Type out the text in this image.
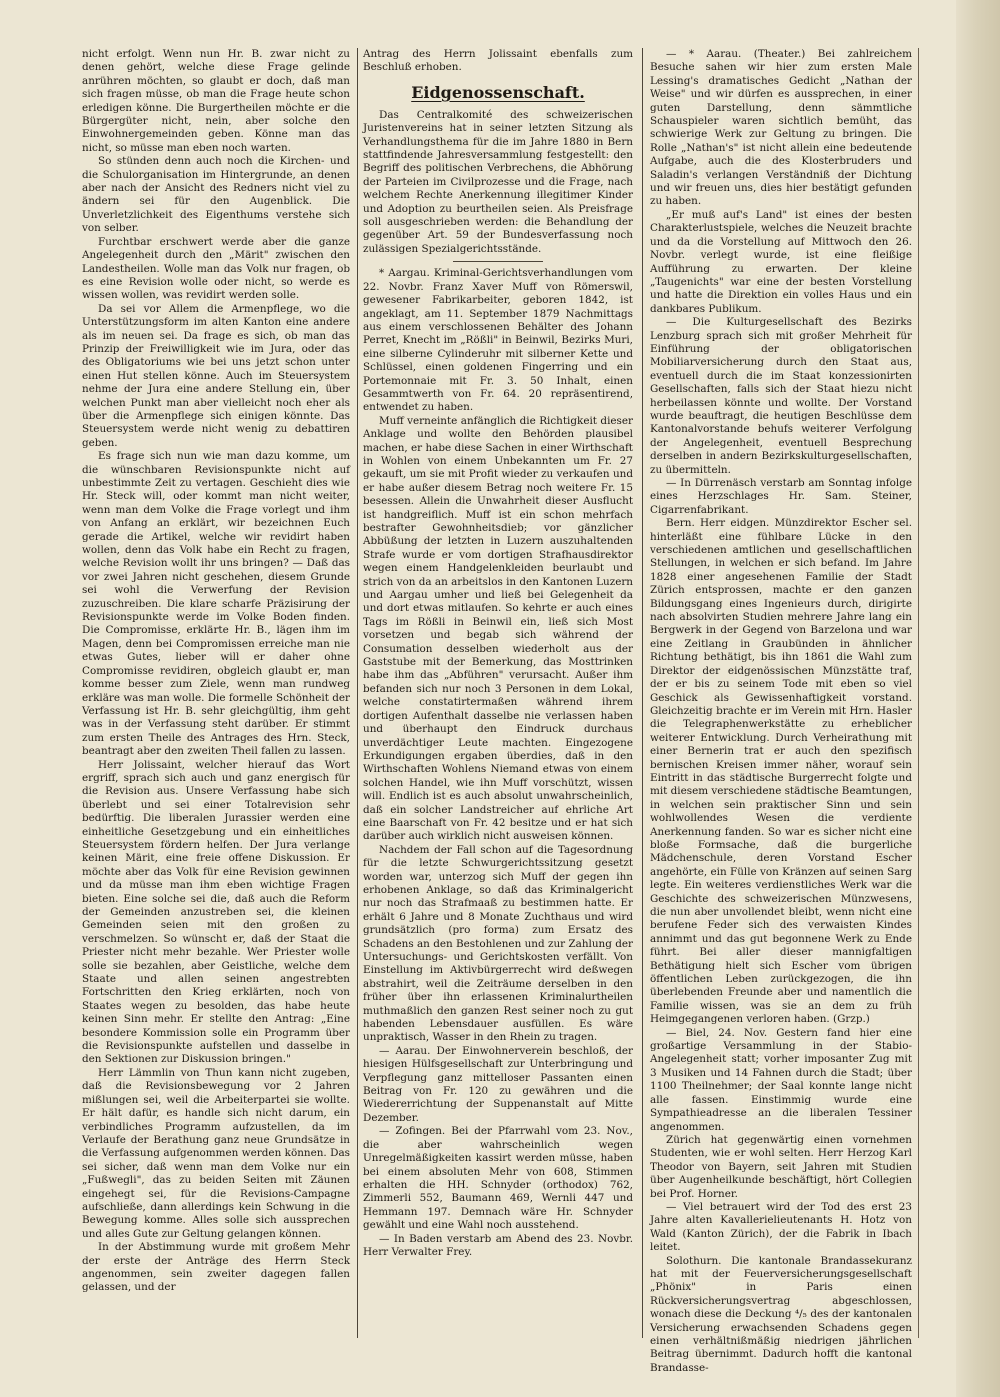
nicht erfolgt. Wenn nun Hr. B. zwar nicht zu denen gehört, welche diese Frage gelinde anrühren möchten, so glaubt er doch, daß man sich fragen müsse, ob man die Frage heute schon erledigen könne. Die Burgertheilen möchte er die Bürgergüter nicht, nein, aber solche den Einwohnergemeinden geben. Könne man das nicht, so müsse man eben noch warten.

So stünden denn auch noch die Kirchen- und die Schulorganisation im Hintergrunde, an denen aber nach der Ansicht des Redners nicht viel zu ändern sei für den Augenblick. Die Unverletzlichkeit des Eigenthums verstehe sich von selber.

Furchtbar erschwert werde aber die ganze Angelegenheit durch den „Märit" zwischen den Landestheilen. Wolle man das Volk nur fragen, ob es eine Revision wolle oder nicht, so werde es wissen wollen, was revidirt werden solle.

Da sei vor Allem die Armenpflege, wo die Unterstützungsform im alten Kanton eine andere als im neuen sei. Da frage es sich, ob man das Prinzip der Freiwilligkeit wie im Jura, oder das des Obligatoriums wie bei uns jetzt schon unter einen Hut stellen könne. Auch im Steuersystem nehme der Jura eine andere Stellung ein, über welchen Punkt man aber vielleicht noch eher als über die Armenpflege sich einigen könnte. Das Steuersystem werde nicht wenig zu debattiren geben.

Es frage sich nun wie man dazu komme, um die wünschbaren Revisionspunkte nicht auf unbestimmte Zeit zu vertagen. Geschieht dies wie Hr. Steck will, oder kommt man nicht weiter, wenn man dem Volke die Frage vorlegt und ihm von Anfang an erklärt, wir bezeichnen Euch gerade die Artikel, welche wir revidirt haben wollen, denn das Volk habe ein Recht zu fragen, welche Revision wollt ihr uns bringen? — Daß das vor zwei Jahren nicht geschehen, diesem Grunde sei wohl die Verwerfung der Revision zuzuschreiben. Die klare scharfe Präzisirung der Revisionspunkte werde im Volke Boden finden. Die Compromisse, erklärte Hr. B., lägen ihm im Magen, denn bei Compromissen erreiche man nie etwas Gutes, lieber will er daher ohne Compromisse revidiren, obgleich glaubt er, man komme besser zum Ziele, wenn man rundweg erkläre was man wolle. Die formelle Schönheit der Verfassung ist Hr. B. sehr gleichgültig, ihm geht was in der Verfassung steht darüber. Er stimmt zum ersten Theile des Antrages des Hrn. Steck, beantragt aber den zweiten Theil fallen zu lassen.

Herr Jolissaint, welcher hierauf das Wort ergriff, sprach sich auch und ganz energisch für die Revision aus. Unsere Verfassung habe sich überlebt und sei einer Totalrevision sehr bedürftig. Die liberalen Jurassier werden eine einheitliche Gesetzgebung und ein einheitliches Steuersystem fördern helfen. Der Jura verlange keinen Märit, eine freie offene Diskussion. Er möchte aber das Volk für eine Revision gewinnen und da müsse man ihm eben wichtige Fragen bieten. Eine solche sei die, daß auch die Reform der Gemeinden anzustreben sei, die kleinen Gemeinden seien mit den großen zu verschmelzen. So wünscht er, daß der Staat die Priester nicht mehr bezahle. Wer Priester wolle solle sie bezahlen, aber Geistliche, welche dem Staate und allen seinen angestrebten Fortschritten den Krieg erklärten, noch von Staates wegen zu besolden, das habe heute keinen Sinn mehr. Er stellte den Antrag: „Eine besondere Kommission solle ein Programm über die Revisionspunkte aufstellen und dasselbe in den Sektionen zur Diskussion bringen."

Herr Lämmlin von Thun kann nicht zugeben, daß die Revisionsbewegung vor 2 Jahren mißlungen sei, weil die Arbeiterpartei sie wollte. Er hält dafür, es handle sich nicht darum, ein verbindliches Programm aufzustellen, da im Verlaufe der Berathung ganz neue Grundsätze in die Verfassung aufgenommen werden können. Das sei sicher, daß wenn man dem Volke nur ein „Fußwegli", das zu beiden Seiten mit Zäunen eingehegt sei, für die Revisions-Campagne aufschließe, dann allerdings kein Schwung in die Bewegung komme. Alles solle sich aussprechen und alles Gute zur Geltung gelangen können.

In der Abstimmung wurde mit großem Mehr der erste der Anträge des Herrn Steck angenommen, sein zweiter dagegen fallen gelassen, und der

Antrag des Herrn Jolissaint ebenfalls zum Beschluß erhoben.

Eidgenossenschaft.

Das Centralkomité des schweizerischen Juristenvereins hat in seiner letzten Sitzung als Verhandlungsthema für die im Jahre 1880 in Bern stattfindende Jahresversammlung festgestellt: den Begriff des politischen Verbrechens, die Abhörung der Parteien im Civilprozesse und die Frage, nach welchem Rechte Anerkennung illegitimer Kinder und Adoption zu beurtheilen seien. Als Preisfrage soll ausgeschrieben werden: die Behandlung der gegenüber Art. 59 der Bundesverfassung noch zulässigen Spezialgerichtsstände.

* Aargau. Kriminal-Gerichtsverhandlungen vom 22. Novbr. Franz Xaver Muff von Römerswil, gewesener Fabrikarbeiter, geboren 1842, ist angeklagt, am 11. September 1879 Nachmittags aus einem verschlossenen Behälter des Johann Perret, Knecht im „Rößli" in Beinwil, Bezirks Muri, eine silberne Cylinderuhr mit silberner Kette und Schlüssel, einen goldenen Fingerring und ein Portemonnaie mit Fr. 3. 50 Inhalt, einen Gesammtwerth von Fr. 64. 20 repräsentirend, entwendet zu haben.

Muff verneinte anfänglich die Richtigkeit dieser Anklage und wollte den Behörden plausibel machen, er habe diese Sachen in einer Wirthschaft in Wohlen von einem Unbekannten um Fr. 27 gekauft, um sie mit Profit wieder zu verkaufen und er habe außer diesem Betrag noch weitere Fr. 15 besessen. Allein die Unwahrheit dieser Ausflucht ist handgreiflich. Muff ist ein schon mehrfach bestrafter Gewohnheitsdieb; vor gänzlicher Abbüßung der letzten in Luzern auszuhaltenden Strafe wurde er vom dortigen Strafhausdirektor wegen einem Handgelenkleiden beurlaubt und strich von da an arbeitslos in den Kantonen Luzern und Aargau umher und ließ bei Gelegenheit da und dort etwas mitlaufen. So kehrte er auch eines Tags im Rößli in Beinwil ein, ließ sich Most vorsetzen und begab sich während der Consumation desselben wiederholt aus der Gaststube mit der Bemerkung, das Mosttrinken habe ihm das „Abführen" verursacht. Außer ihm befanden sich nur noch 3 Personen in dem Lokal, welche constatirtermaßen während ihrem dortigen Aufenthalt dasselbe nie verlassen haben und überhaupt den Eindruck durchaus unverdächtiger Leute machten. Eingezogene Erkundigungen ergaben überdies, daß in den Wirthschaften Wohlens Niemand etwas von einem solchen Handel, wie ihn Muff vorschützt, wissen will. Endlich ist es auch absolut unwahrscheinlich, daß ein solcher Landstreicher auf ehrliche Art eine Baarschaft von Fr. 42 besitze und er hat sich darüber auch wirklich nicht ausweisen können.

Nachdem der Fall schon auf die Tagesordnung für die letzte Schwurgerichtssitzung gesetzt worden war, unterzog sich Muff der gegen ihn erhobenen Anklage, so daß das Kriminalgericht nur noch das Strafmaaß zu bestimmen hatte. Er erhält 6 Jahre und 8 Monate Zuchthaus und wird grundsätzlich (pro forma) zum Ersatz des Schadens an den Bestohlenen und zur Zahlung der Untersuchungs- und Gerichtskosten verfällt. Von Einstellung im Aktivbürgerrecht wird deßwegen abstrahirt, weil die Zeiträume derselben in den früher über ihn erlassenen Kriminalurtheilen muthmaßlich den ganzen Rest seiner noch zu gut habenden Lebensdauer ausfüllen. Es wäre unpraktisch, Wasser in den Rhein zu tragen.

— Aarau. Der Einwohnerverein beschloß, der hiesigen Hülfsgesellschaft zur Unterbringung und Verpflegung ganz mittelloser Passanten einen Beitrag von Fr. 120 zu gewähren und die Wiedererrichtung der Suppenanstalt auf Mitte Dezember.

— Zofingen. Bei der Pfarrwahl vom 23. Nov., die aber wahrscheinlich wegen Unregelmäßigkeiten kassirt werden müsse, haben bei einem absoluten Mehr von 608, Stimmen erhalten die HH. Schnyder (orthodox) 762, Zimmerli 552, Baumann 469, Wernli 447 und Hemmann 197. Demnach wäre Hr. Schnyder gewählt und eine Wahl noch ausstehend.

— In Baden verstarb am Abend des 23. Novbr. Herr Verwalter Frey.

— * Aarau. (Theater.) Bei zahlreichem Besuche sahen wir hier zum ersten Male Lessing's dramatisches Gedicht „Nathan der Weise" und wir dürfen es aussprechen, in einer guten Darstellung, denn sämmtliche Schauspieler waren sichtlich bemüht, das schwierige Werk zur Geltung zu bringen. Die Rolle „Nathan's" ist nicht allein eine bedeutende Aufgabe, auch die des Klosterbruders und Saladin's verlangen Verständniß der Dichtung und wir freuen uns, dies hier bestätigt gefunden zu haben.

„Er muß auf's Land" ist eines der besten Charakterlustspiele, welches die Neuzeit brachte und da die Vorstellung auf Mittwoch den 26. Novbr. verlegt wurde, ist eine fleißige Aufführung zu erwarten. Der kleine „Taugenichts" war eine der besten Vorstellung und hatte die Direktion ein volles Haus und ein dankbares Publikum.

— Die Kulturgesellschaft des Bezirks Lenzburg sprach sich mit großer Mehrheit für Einführung der obligatorischen Mobiliarversicherung durch den Staat aus, eventuell durch die im Staat konzessionirten Gesellschaften, falls sich der Staat hiezu nicht herbeilassen könnte und wollte. Der Vorstand wurde beauftragt, die heutigen Beschlüsse dem Kantonalvorstande behufs weiterer Verfolgung der Angelegenheit, eventuell Besprechung derselben in andern Bezirkskulturgesellschaften, zu übermitteln.

— In Dürrenäsch verstarb am Sonntag infolge eines Herzschlages Hr. Sam. Steiner, Cigarrenfabrikant.

Bern. Herr eidgen. Münzdirektor Escher sel. hinterläßt eine fühlbare Lücke in den verschiedenen amtlichen und gesellschaftlichen Stellungen, in welchen er sich befand. Im Jahre 1828 einer angesehenen Familie der Stadt Zürich entsprossen, machte er den ganzen Bildungsgang eines Ingenieurs durch, dirigirte nach absolvirten Studien mehrere Jahre lang ein Bergwerk in der Gegend von Barzelona und war eine Zeitlang in Graubünden in ähnlicher Richtung bethätigt, bis ihn 1861 die Wahl zum Direktor der eidgenössischen Münzstätte traf, der er bis zu seinem Tode mit eben so viel Geschick als Gewissenhaftigkeit vorstand. Gleichzeitig brachte er im Verein mit Hrn. Hasler die Telegraphenwerkstätte zu erheblicher weiterer Entwicklung. Durch Verheirathung mit einer Bernerin trat er auch den spezifisch bernischen Kreisen immer näher, worauf sein Eintritt in das städtische Burgerrecht folgte und mit diesem verschiedene städtische Beamtungen, in welchen sein praktischer Sinn und sein wohlwollendes Wesen die verdiente Anerkennung fanden. So war es sicher nicht eine bloße Formsache, daß die burgerliche Mädchenschule, deren Vorstand Escher angehörte, ein Fülle von Kränzen auf seinen Sarg legte. Ein weiteres verdienstliches Werk war die Geschichte des schweizerischen Münzwesens, die nun aber unvollendet bleibt, wenn nicht eine berufene Feder sich des verwaisten Kindes annimmt und das gut begonnene Werk zu Ende führt. Bei aller dieser mannigfaltigen Bethätigung hielt sich Escher vom übrigen öffentlichen Leben zurückgezogen, die ihn überlebenden Freunde aber und namentlich die Familie wissen, was sie an dem zu früh Heimgegangenen verloren haben. (Grzp.)

— Biel, 24. Nov. Gestern fand hier eine großartige Versammlung in der Stabio-Angelegenheit statt; vorher imposanter Zug mit 3 Musiken und 14 Fahnen durch die Stadt; über 1100 Theilnehmer; der Saal konnte lange nicht alle fassen. Einstimmig wurde eine Sympathieadresse an die liberalen Tessiner angenommen.

Zürich hat gegenwärtig einen vornehmen Studenten, wie er wohl selten. Herr Herzog Karl Theodor von Bayern, seit Jahren mit Studien über Augenheilkunde beschäftigt, hört Collegien bei Prof. Horner.

— Viel betrauert wird der Tod des erst 23 Jahre alten Kavallerielieutenants H. Hotz von Wald (Kanton Zürich), der die Fabrik in Ibach leitet.

Solothurn. Die kantonale Brandassekuranz hat mit der Feuerversicherungsgesellschaft „Phönix" in Paris einen Rückversicherungsvertrag abgeschlossen, wonach diese die Deckung ⁴/₅ des der kantonalen Versicherung erwachsenden Schadens gegen einen verhältnißmäßig niedrigen jährlichen Beitrag übernimmt. Dadurch hofft die kantonal Brandasse-
